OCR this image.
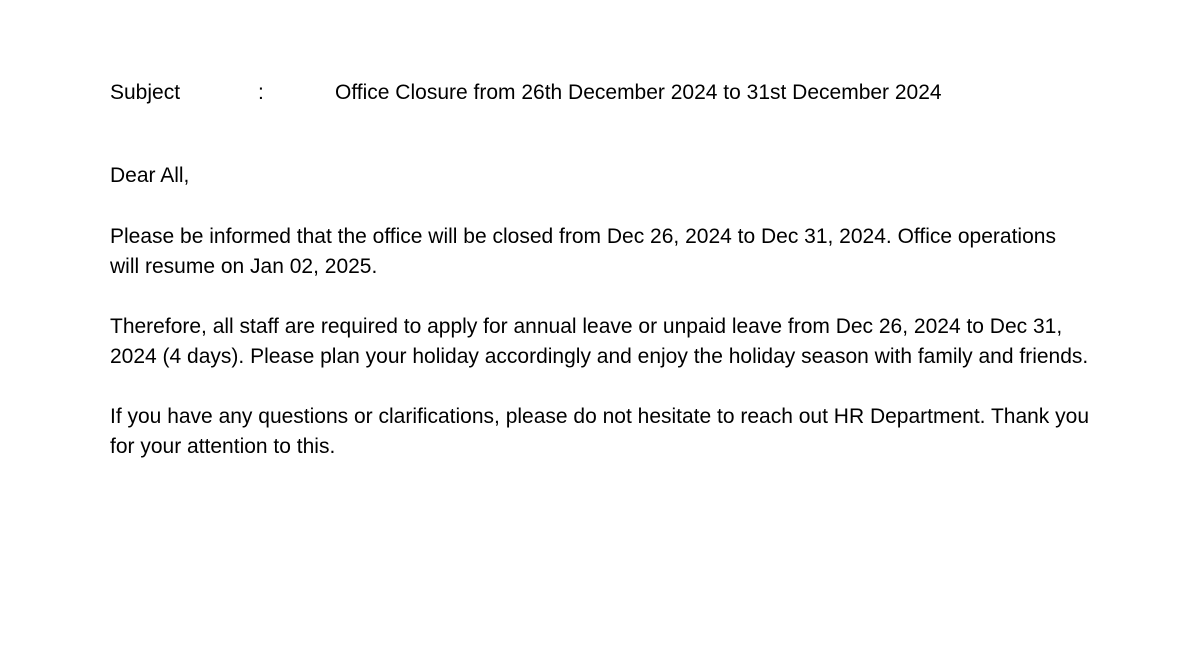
Subject	:	Office Closure from 26th December 2024 to 31st December 2024

Dear All,

Please be informed that the office will be closed from Dec 26, 2024 to Dec 31, 2024. Office operations will resume on Jan 02, 2025.

Therefore, all staff are required to apply for annual leave or unpaid leave from Dec 26, 2024 to Dec 31, 2024 (4 days). Please plan your holiday accordingly and enjoy the holiday season with family and friends.

If you have any questions or clarifications, please do not hesitate to reach out HR Department. Thank you for your attention to this.
